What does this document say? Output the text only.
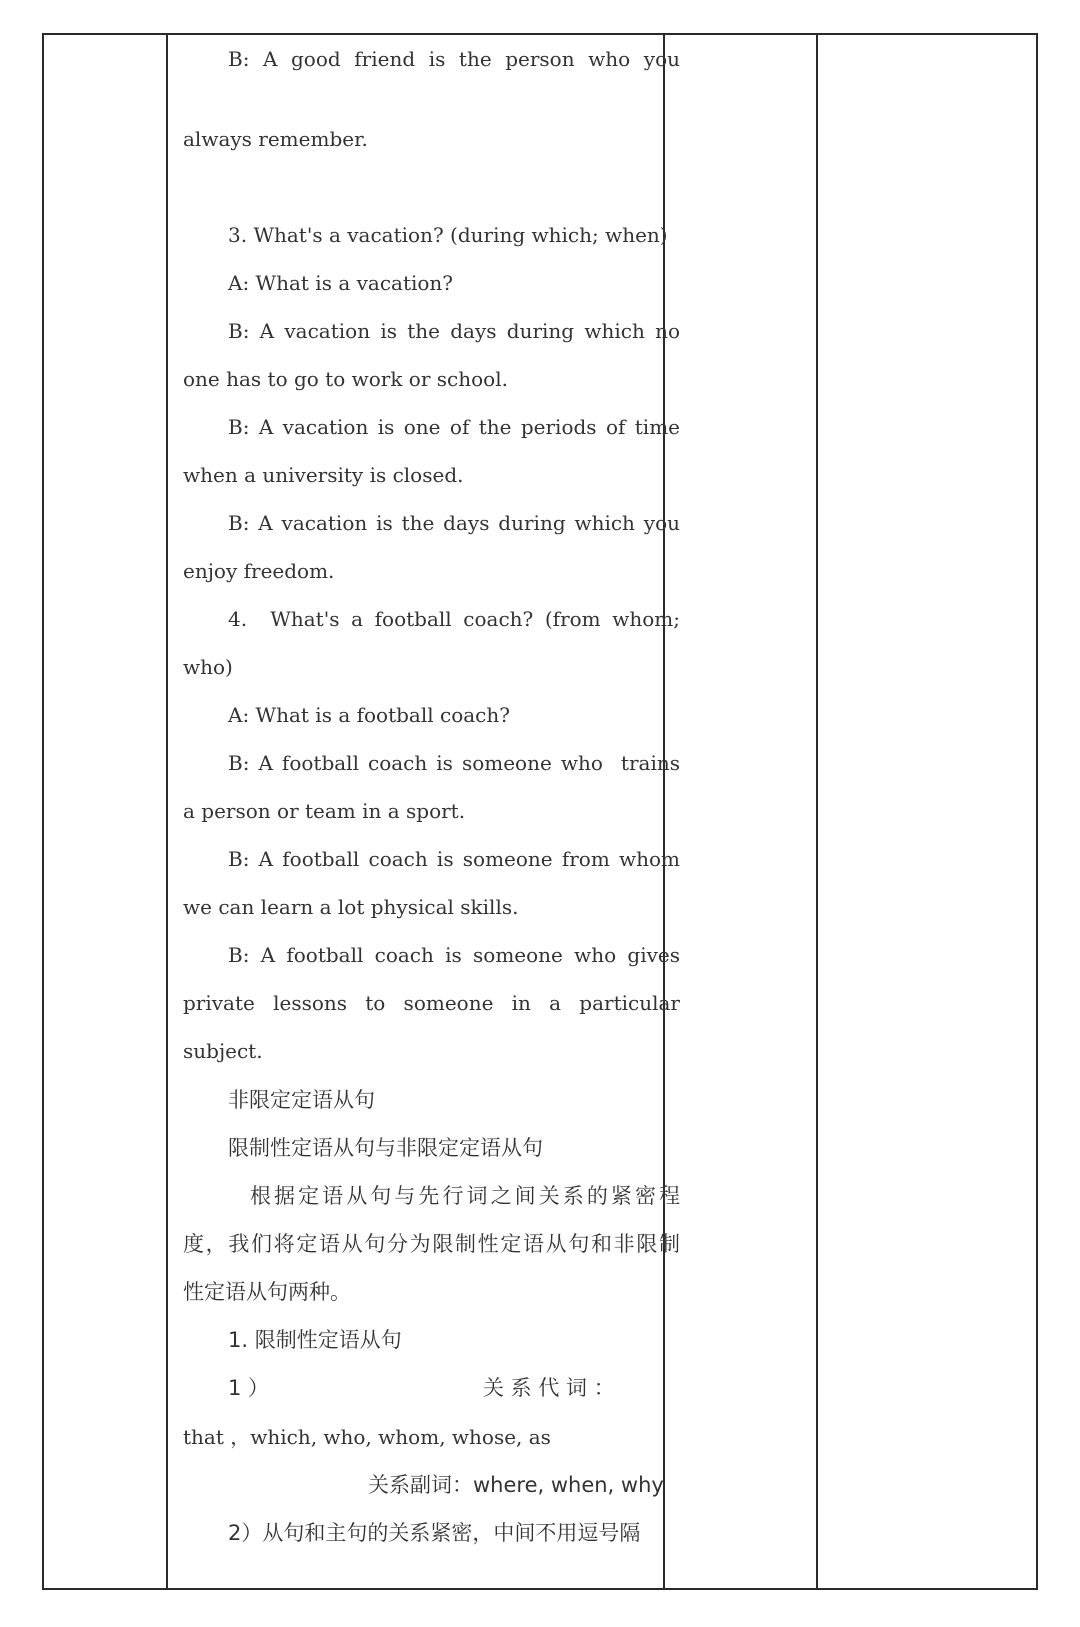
B: A good friend is the person who you
always remember.
3. What's a vacation? (during which; when)
A: What is a vacation?
B: A vacation is the days during which no
one has to go to work or school.
B: A vacation is one of the periods of time
when a university is closed.
B: A vacation is the days during which you
enjoy freedom.
4.  What's a football coach? (from whom;
who)
A: What is a football coach?
B: A football coach is someone who  trains
a person or team in a sport.
B: A football coach is someone from whom
we can learn a lot physical skills.
B: A football coach is someone who gives
private lessons to someone in a particular
subject.
非限定定语从句
限制性定语从句与非限定定语从句
根据定语从句与先行词之间关系的紧密程
度，我们将定语从句分为限制性定语从句和非限制
性定语从句两种。
1. 限制性定语从句
1 ）	关 系 代 词 ：
that ，which, who, whom, whose, as
关系副词：where, when, why
2）从句和主句的关系紧密，中间不用逗号隔
